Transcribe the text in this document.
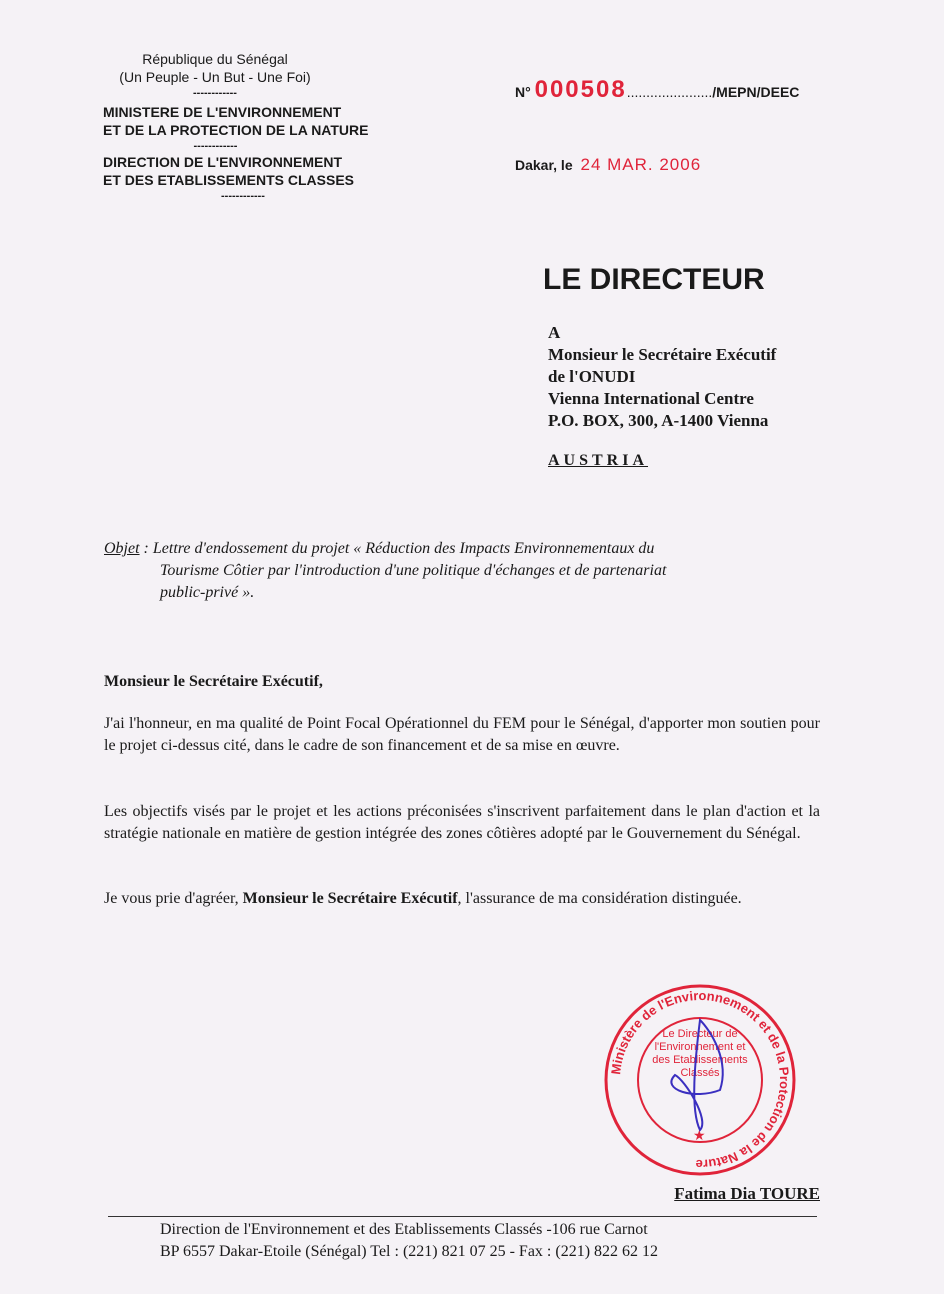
République du Sénégal
(Un Peuple - Un But - Une Foi)
------------
MINISTERE DE L'ENVIRONNEMENT
ET DE LA PROTECTION DE LA NATURE
------------
DIRECTION DE L'ENVIRONNEMENT
ET DES ETABLISSEMENTS CLASSES
------------
N° 000508....................../MEPN/DEEC
Dakar, le 24 MAR. 2006
LE DIRECTEUR
A
Monsieur le Secrétaire Exécutif
de l'ONUDI
Vienna International Centre
P.O. BOX, 300, A-1400 Vienna
AUSTRIA
Objet : Lettre d'endossement du projet « Réduction des Impacts Environnementaux du
Tourisme Côtier par l'introduction d'une politique d'échanges et de partenariat
public-privé ».
Monsieur le Secrétaire Exécutif,
J'ai l'honneur, en ma qualité de Point Focal Opérationnel du FEM pour le Sénégal, d'apporter mon soutien pour le projet ci-dessus cité, dans le cadre de son financement et de sa mise en œuvre.
Les objectifs visés par le projet et les actions préconisées s'inscrivent parfaitement dans le plan d'action et la stratégie nationale en matière de gestion intégrée des zones côtières adopté par le Gouvernement du Sénégal.
Je vous prie d'agréer, Monsieur le Secrétaire Exécutif, l'assurance de ma considération distinguée.
Ministère de l'Environnement et de la Protection de la Nature
Le Directeur de l'Environnement et des Etablissements Classés
★
Fatima Dia TOURE
Direction de l'Environnement et des Etablissements Classés -106 rue Carnot
BP 6557 Dakar-Etoile (Sénégal) Tel : (221) 821 07 25 - Fax : (221) 822 62 12
